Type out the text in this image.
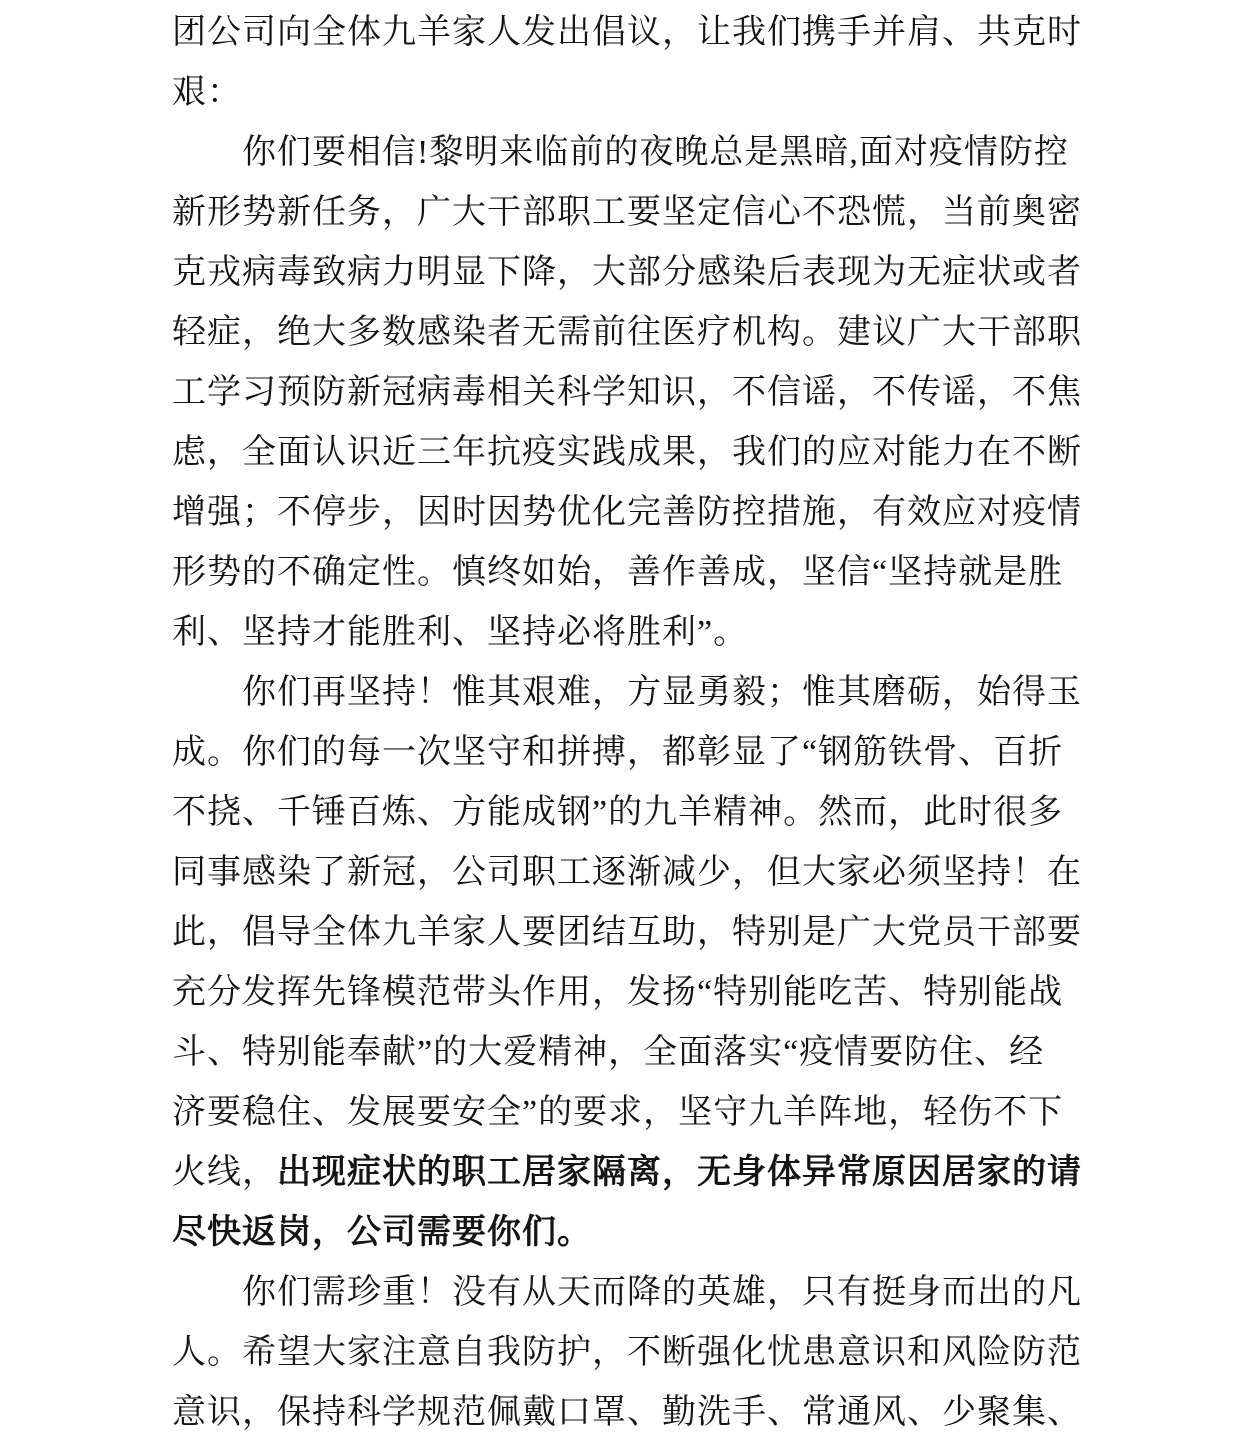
团公司向全体九羊家人发出倡议，让我们携手并肩、共克时
艰：
你们要相信!黎明来临前的夜晚总是黑暗,面对疫情防控
新形势新任务，广大干部职工要坚定信心不恐慌，当前奥密
克戎病毒致病力明显下降，大部分感染后表现为无症状或者
轻症，绝大多数感染者无需前往医疗机构。建议广大干部职
工学习预防新冠病毒相关科学知识，不信谣，不传谣，不焦
虑，全面认识近三年抗疫实践成果，我们的应对能力在不断
增强；不停步，因时因势优化完善防控措施，有效应对疫情
形势的不确定性。慎终如始，善作善成，坚信“坚持就是胜
利、坚持才能胜利、坚持必将胜利”。
你们再坚持！惟其艰难，方显勇毅；惟其磨砺，始得玉
成。你们的每一次坚守和拼搏，都彰显了“钢筋铁骨、百折
不挠、千锤百炼、方能成钢”的九羊精神。然而，此时很多
同事感染了新冠，公司职工逐渐减少，但大家必须坚持！在
此，倡导全体九羊家人要团结互助，特别是广大党员干部要
充分发挥先锋模范带头作用，发扬“特别能吃苦、特别能战
斗、特别能奉献”的大爱精神，全面落实“疫情要防住、经
济要稳住、发展要安全”的要求，坚守九羊阵地，轻伤不下
火线，出现症状的职工居家隔离，无身体异常原因居家的请
尽快返岗，公司需要你们。
你们需珍重！没有从天而降的英雄，只有挺身而出的凡
人。希望大家注意自我防护，不断强化忧患意识和风险防范
意识，保持科学规范佩戴口罩、勤洗手、常通风、少聚集、
